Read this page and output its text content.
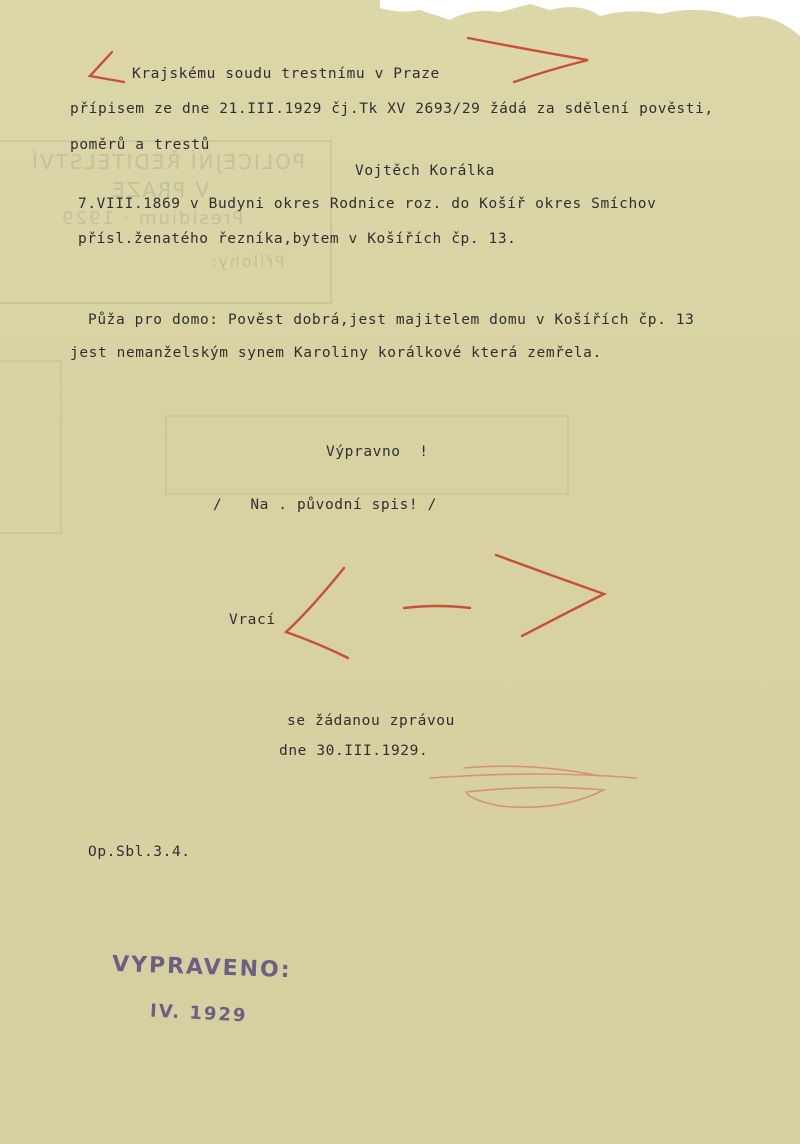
POLICEJNÍ ŘEDITELSTVÍ
V PRAZE
Presidium · 1929
Přílohy:
Krajskému soudu trestnímu v Praze
přípisem ze dne 21.III.1929 čj.Tk XV 2693/29 žádá za sdělení pověsti,
poměrů a trestů
Vojtěch Korálka
7.VIII.1869 v Budyni okres Rodnice roz. do Košíř okres Smíchov
přísl.ženatého řezníka,bytem v Košířích čp. 13.
Půža pro domo: Pověst dobrá,jest majitelem domu v Košířích čp. 13
jest nemanželským synem Karoliny korálkové která zemřela.
Výpravno  !
/   Na . původní spis! /
Vrací
se žádanou zprávou
dne 30.III.1929.
Op.Sbl.3.4.
VYPRAVENO:
IV. 1929
